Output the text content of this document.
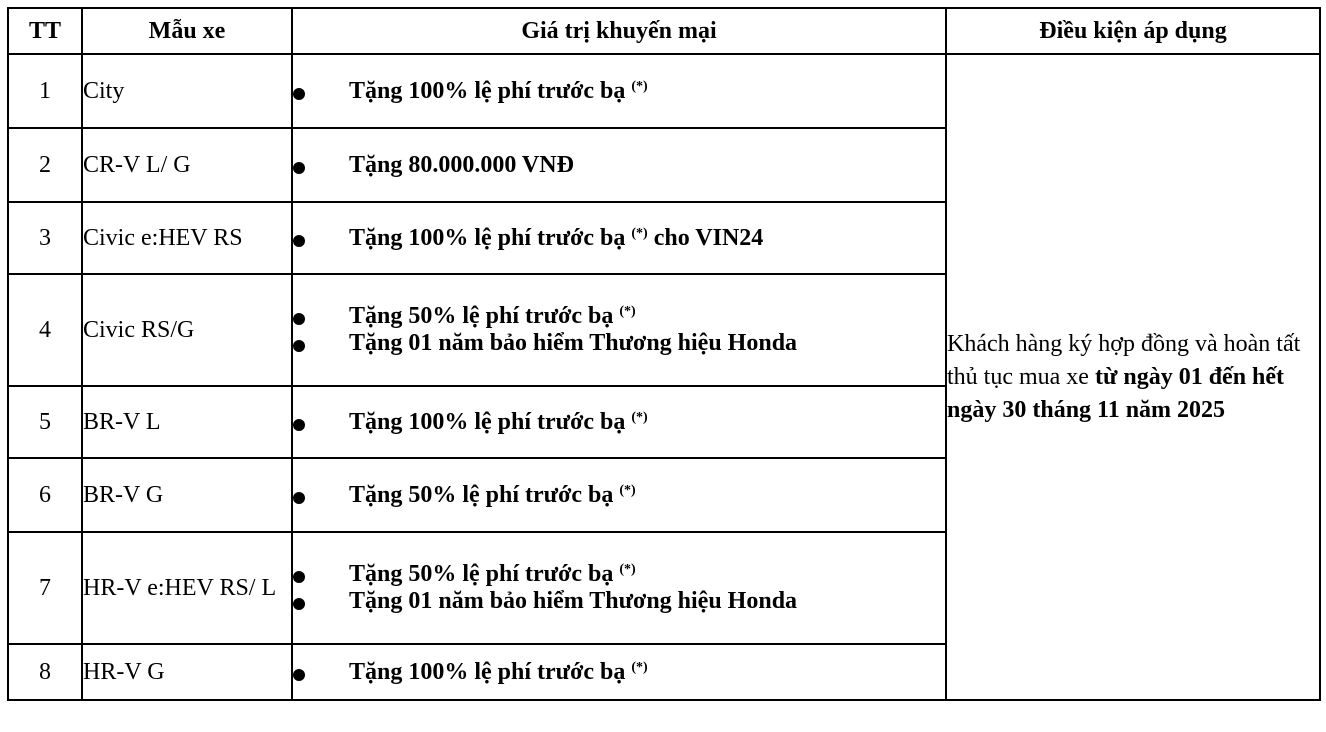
TT	Mẫu xe	Giá trị khuyến mại	Điều kiện áp dụng
1	City	Tặng 100% lệ phí trước bạ (*)	Khách hàng ký hợp đồng và hoàn tất thủ tục mua xe từ ngày 01 đến hết ngày 30 tháng 11 năm 2025
2	CR-V L/ G	Tặng 80.000.000 VNĐ	

3	Civic e:HEV RS	Tặng 100% lệ phí trước bạ (*) cho VIN24	

4	Civic RS/G	Tặng 50% lệ phí trước bạ (*)
Tặng 01 năm bảo hiểm Thương hiệu Honda	

5	BR-V L	Tặng 100% lệ phí trước bạ (*)

6	BR-V G	Tặng 50% lệ phí trước bạ (*)

7	HR-V e:HEV RS/ L	Tặng 50% lệ phí trước bạ (*)
Tặng 01 năm bảo hiểm Thương hiệu Honda	

8	HR-V G	Tặng 100% lệ phí trước bạ (*)
